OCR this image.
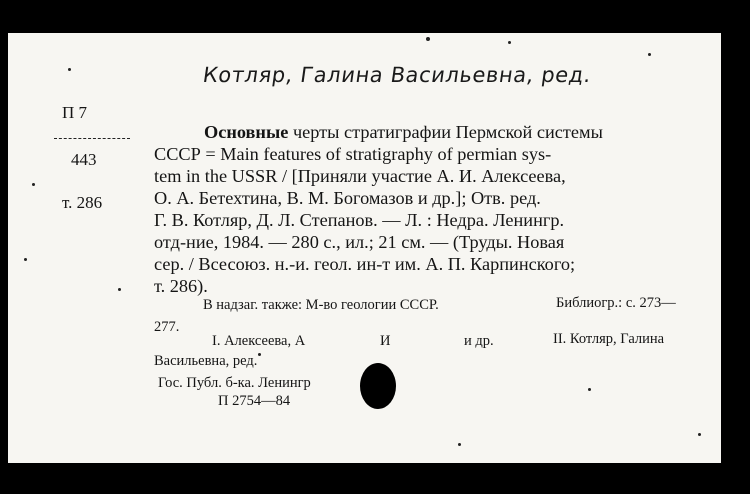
Котляр, Галина Васильевна, ред.
П 7
443
т. 286
Основные черты стратиграфии Пермской системы
СССР = Main features of stratigraphy of permian sys-
tem in the USSR / [Приняли участие А. И. Алексеева,
О. А. Бетехтина, В. М. Богомазов и др.]; Отв. ред.
Г. В. Котляр, Д. Л. Степанов. — Л. : Недра. Ленингр.
отд-ние, 1984. — 280 с., ил.; 21 см. — (Труды. Новая
сер. / Всесоюз. н.-и. геол. ин-т им. А. П. Карпинского;
т. 286).
В надзаг. также: М-во геологии СССР.	Библиогр.: с. 273—
277.
I. Алексеева, А	И	и др.	II. Котляр, Галина
Васильевна, ред.
Гос. Публ. б-ка. Ленингр
П 2754—84
